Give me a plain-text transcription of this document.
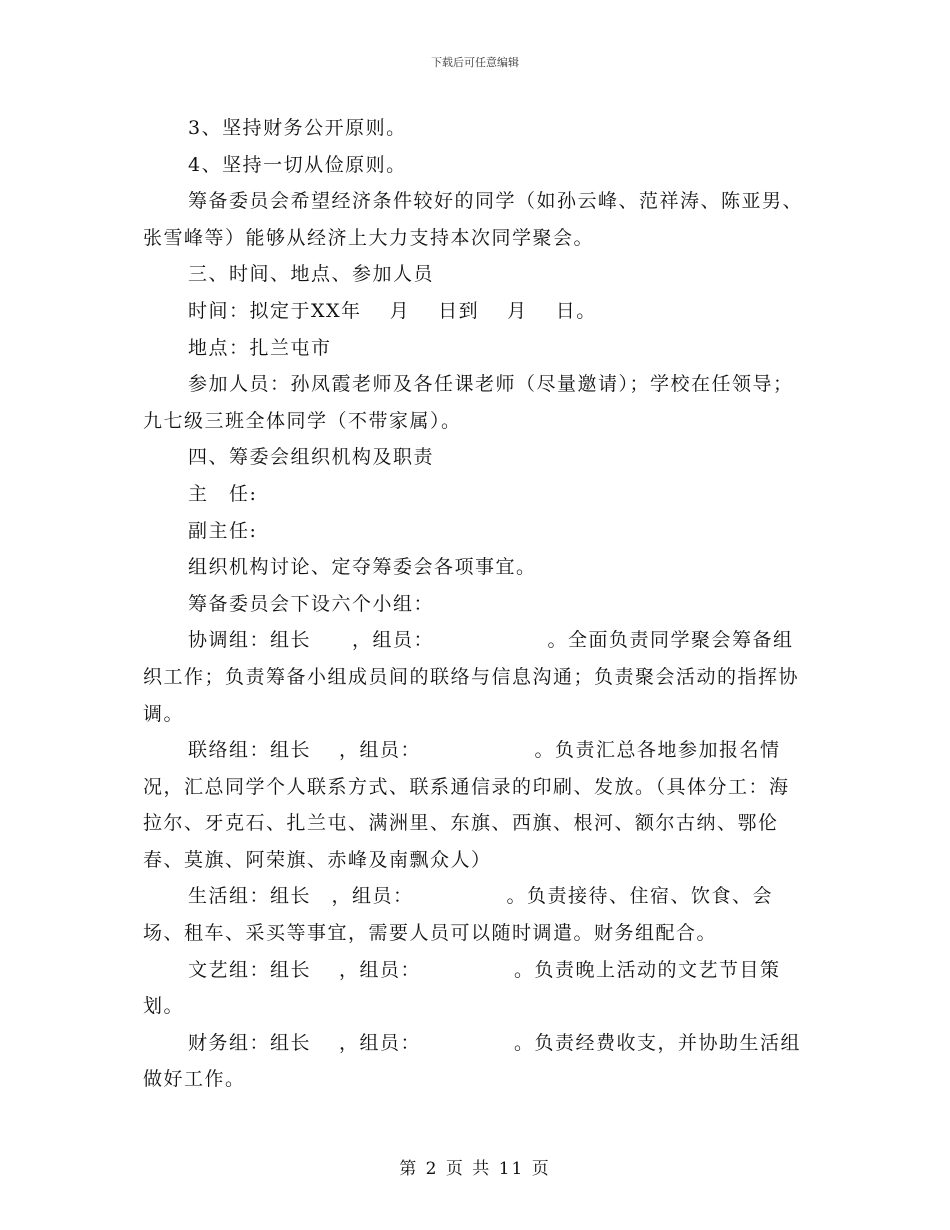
下载后可任意编辑

3、坚持财务公开原则。

4、坚持一切从俭原则。

筹备委员会希望经济条件较好的同学（如孙云峰、范祥涛、陈亚男、张雪峰等）能够从经济上大力支持本次同学聚会。

三、时间、地点、参加人员

时间：拟定于XX年　 月　 日到　 月　 日。

地点：扎兰屯市

参加人员：孙凤霞老师及各任课老师（尽量邀请）；学校在任领导；九七级三班全体同学（不带家属）。

四、筹委会组织机构及职责

主　任:

副主任:

组织机构讨论、定夺筹委会各项事宜。

筹备委员会下设六个小组：

协调组：组长　　，组员：　　　　　　。全面负责同学聚会筹备组织工作；负责筹备小组成员间的联络与信息沟通；负责聚会活动的指挥协调。

联络组：组长　 ，组员：　　　　　　。负责汇总各地参加报名情况，汇总同学个人联系方式、联系通信录的印刷、发放。（具体分工：海拉尔、牙克石、扎兰屯、满洲里、东旗、西旗、根河、额尔古纳、鄂伦春、莫旗、阿荣旗、赤峰及南飘众人）

生活组：组长　，组员：　　　　　。负责接待、住宿、饮食、会场、租车、采买等事宜，需要人员可以随时调遣。财务组配合。

文艺组：组长　 ，组员：　　　　　。负责晚上活动的文艺节目策划。

财务组：组长　 ，组员：　　　　　。负责经费收支，并协助生活组做好工作。

第 2 页 共 11 页
